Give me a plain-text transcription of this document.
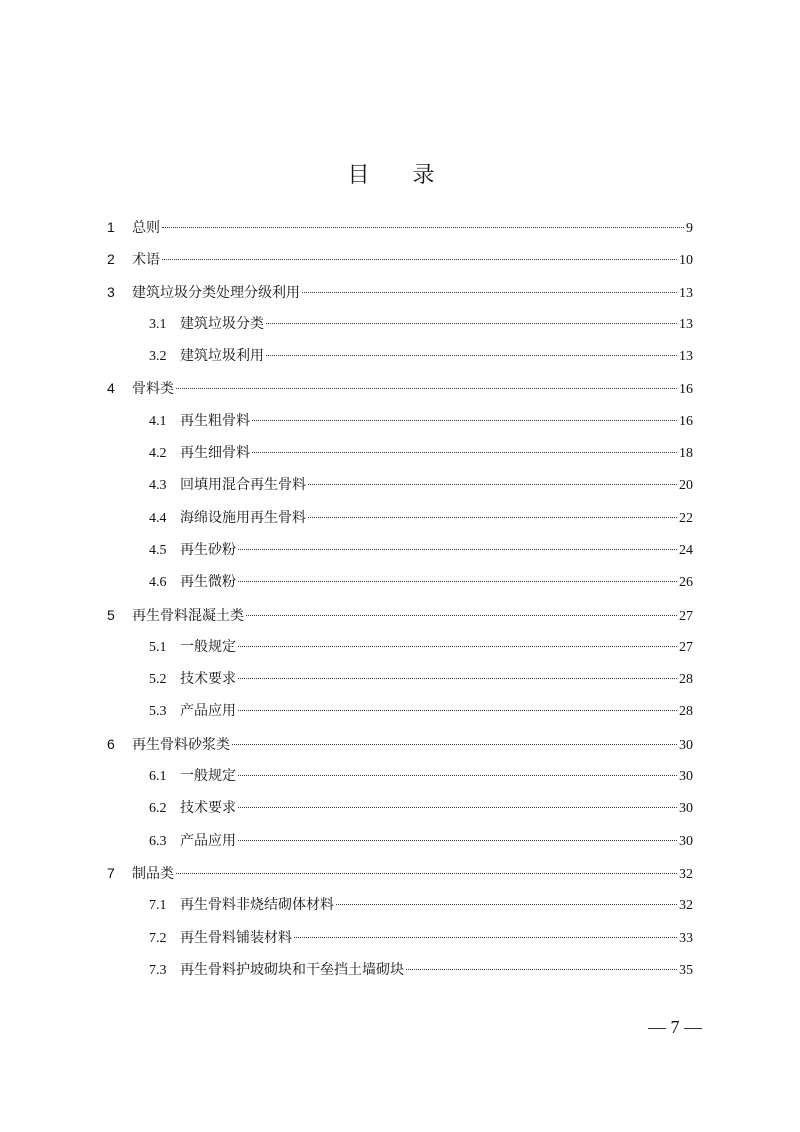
目 录
1	总则	9
2	术语	10
3	建筑垃圾分类处理分级利用	13
3.1 建筑垃圾分类	13
3.2 建筑垃圾利用	13
4	骨料类	16
4.1 再生粗骨料	16
4.2 再生细骨料	18
4.3 回填用混合再生骨料	20
4.4 海绵设施用再生骨料	22
4.5 再生砂粉	24
4.6 再生微粉	26
5	再生骨料混凝土类	27
5.1 一般规定	27
5.2 技术要求	28
5.3 产品应用	28
6	再生骨料砂浆类	30
6.1 一般规定	30
6.2 技术要求	30
6.3 产品应用	30
7	制品类	32
7.1 再生骨料非烧结砌体材料	32
7.2 再生骨料铺装材料	33
7.3 再生骨料护坡砌块和干垒挡土墙砌块	35
— 7 —
